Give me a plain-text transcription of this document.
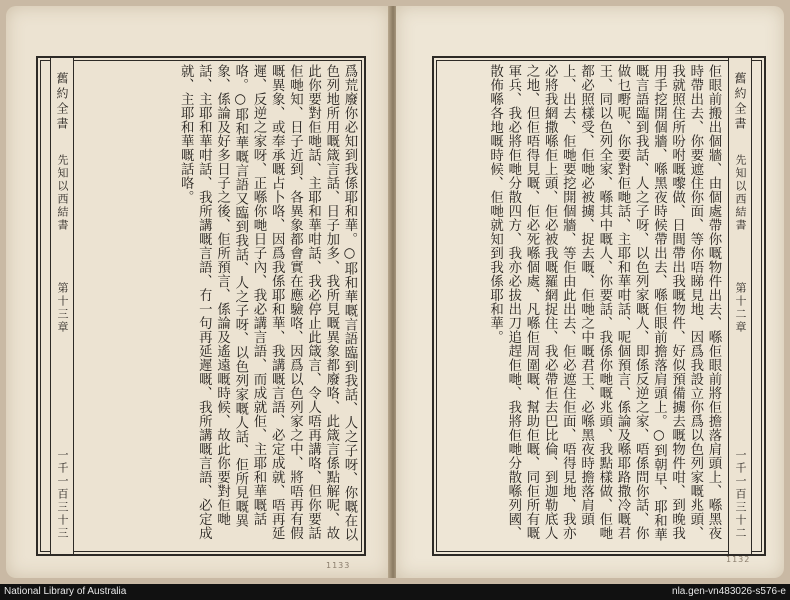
爲荒廢你必知到我係耶和華。○耶和華嘅言語臨到我話、人之子呀、你嘅在以色列地所用嘅箴言話、日子加多、我所見嘅異象都廢咯、此箴言係點解呢、故此你要對佢哋話、主耶和華咁話、我必停止此箴言、令人唔再講咯、但你要話佢哋知、日子近到、各異象都會實在應驗咯、因爲以色列家之中、將唔再有假嘅異象、或奉承嘅占卜咯、因爲我係耶和華、我講嘅言語、必定成就、唔再延遲、反逆之家呀、正喺你哋日子內、我必講言語、而成就佢、主耶和華嘅話咯。○耶和華嘅言語又臨到我話、人之子呀、以色列家嘅人話、佢所見嘅異象、係論及好多日子之後、佢所預言、係論及遙遠嘅時候、故此你要對佢哋話、主耶和華咁話、我所講嘅言語、冇一句再延遲嘅、我所講嘅言語、必定成就、主耶和華嘅話咯。
舊約全書
先知以西結書
第十三章
一千一百三十三	佢眼前搬出個牆、由個處帶你嘅物件出去、喺佢眼前將佢擔落肩頭上、喺黑夜時帶出去、你要遮住你面、等你唔睇見地、因爲我設立你爲以色列家嘅兆頭、我就照住所吩咐嘅嚟做、日間帶出我嘅物件、好似預備擄去嘅物件咁、到晚我用手挖開個牆、喺黑夜時候帶出去、喺佢眼前擔落肩頭上。○到朝早、耶和華嘅言語臨到我話、人之子呀、以色列家嘅人、即係反逆之家、唔係問你話、你做乜嘢呢、你要對佢哋話、主耶和華咁話、呢個預言、係論及喺耶路撒冷嘅君王、同以色列全家、喺其中嘅人、你要話、我係你哋嘅兆頭、我點樣做、佢哋都必照樣受、佢哋必被擄、捉去嘅、佢哋之中嘅君王、必喺黑夜時擔落肩頭上、出去、佢哋要挖開個牆、等佢由此出去、佢必遮住佢面、唔得見地、我亦必將我網撒喺佢上頭、佢必被我嘅羅網捉住、我必帶佢去巴比倫、到迦勒底人之地、但佢唔得見嘅、佢必死喺個處、凡喺佢周圍嘅、幫助佢嘅、同佢所有嘅軍兵、我必將佢哋分散四方、我亦必拔出刀追趕佢哋、我將佢哋分散喺列國、散佈喺各地嘅時候、佢哋就知到我係耶和華。	舊約全書
先知以西結書
第十二章
一千一百三十二
1133
1132
National Library of Australia	nla.gen-vn483026-s576-e
